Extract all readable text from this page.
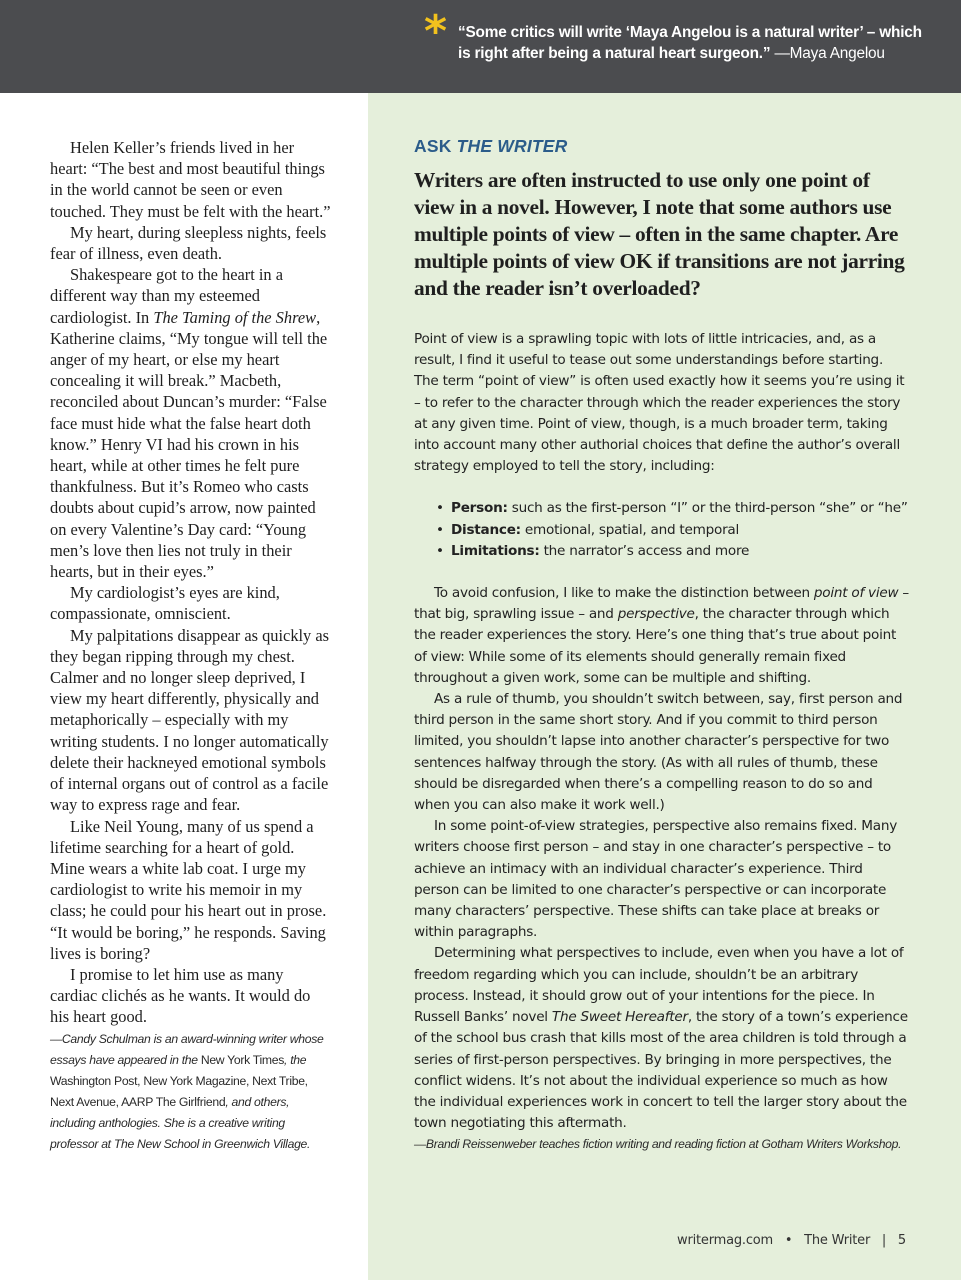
* “Some critics will write ‘Maya Angelou is a natural writer’ – which is right after being a natural heart surgeon.” —Maya Angelou

Helen Keller’s friends lived in her heart: “The best and most beautiful things in the world cannot be seen or even touched. They must be felt with the heart.”

My heart, during sleepless nights, feels fear of illness, even death.

Shakespeare got to the heart in a different way than my esteemed cardiologist. In The Taming of the Shrew, Katherine claims, “My tongue will tell the anger of my heart, or else my heart concealing it will break.” Macbeth, reconciled about Duncan’s murder: “False face must hide what the false heart doth know.” Henry VI had his crown in his heart, while at other times he felt pure thankfulness. But it’s Romeo who casts doubts about cupid’s arrow, now painted on every Valentine’s Day card: “Young men’s love then lies not truly in their hearts, but in their eyes.”

My cardiologist’s eyes are kind, compassionate, omniscient.

My palpitations disappear as quickly as they began ripping through my chest. Calmer and no longer sleep deprived, I view my heart differently, physically and metaphorically – especially with my writing students. I no longer automatically delete their hackneyed emotional symbols of internal organs out of control as a facile way to express rage and fear.

Like Neil Young, many of us spend a lifetime searching for a heart of gold. Mine wears a white lab coat. I urge my cardiologist to write his memoir in my class; he could pour his heart out in prose. “It would be boring,” he responds. Saving lives is boring?

I promise to let him use as many cardiac clichés as he wants. It would do his heart good.

—Candy Schulman is an award-winning writer whose essays have appeared in the New York Times, the Washington Post, New York Magazine, Next Tribe, Next Avenue, AARP The Girlfriend, and others, including anthologies. She is a creative writing professor at The New School in Greenwich Village.
ASK THE WRITER
Writers are often instructed to use only one point of view in a novel. However, I note that some authors use multiple points of view – often in the same chapter. Are multiple points of view OK if transitions are not jarring and the reader isn’t overloaded?

Point of view is a sprawling topic with lots of little intricacies, and, as a result, I find it useful to tease out some understandings before starting. The term “point of view” is often used exactly how it seems you’re using it – to refer to the character through which the reader experiences the story at any given time. Point of view, though, is a much broader term, taking into account many other authorial choices that define the author’s overall strategy employed to tell the story, including:

• Person: such as the first-person “I” or the third-person “she” or “he”
• Distance: emotional, spatial, and temporal
• Limitations: the narrator’s access and more

To avoid confusion, I like to make the distinction between point of view – that big, sprawling issue – and perspective, the character through which the reader experiences the story. Here’s one thing that’s true about point of view: While some of its elements should generally remain fixed throughout a given work, some can be multiple and shifting.

As a rule of thumb, you shouldn’t switch between, say, first person and third person in the same short story. And if you commit to third person limited, you shouldn’t lapse into another character’s perspective for two sentences halfway through the story. (As with all rules of thumb, these should be disregarded when there’s a compelling reason to do so and when you can also make it work well.)

In some point-of-view strategies, perspective also remains fixed. Many writers choose first person – and stay in one character’s perspective – to achieve an intimacy with an individual character’s experience. Third person can be limited to one character’s perspective or can incorporate many characters’ perspective. These shifts can take place at breaks or within paragraphs.

Determining what perspectives to include, even when you have a lot of freedom regarding which you can include, shouldn’t be an arbitrary process. Instead, it should grow out of your intentions for the piece. In Russell Banks’ novel The Sweet Hereafter, the story of a town’s experience of the school bus crash that kills most of the area children is told through a series of first-person perspectives. By bringing in more perspectives, the conflict widens. It’s not about the individual experience so much as how the individual experiences work in concert to tell the larger story about the town negotiating this aftermath.

—Brandi Reissenweber teaches fiction writing and reading fiction at Gotham Writers Workshop.
writermag.com • The Writer | 5
